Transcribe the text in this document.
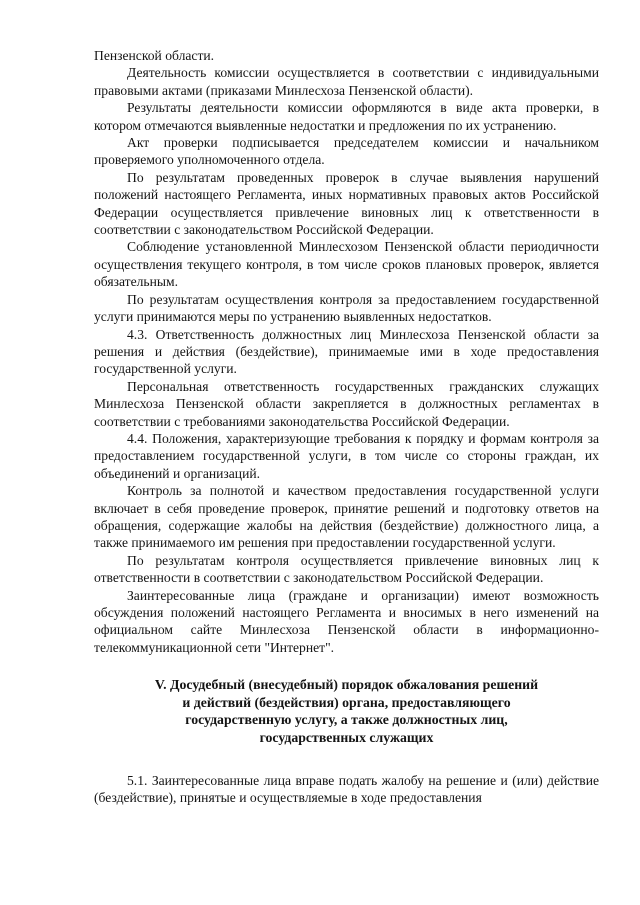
Пензенской области.

Деятельность комиссии осуществляется в соответствии с индивидуальными правовыми актами (приказами Минлесхоза Пензенской области).

Результаты деятельности комиссии оформляются в виде акта проверки, в котором отмечаются выявленные недостатки и предложения по их устранению.

Акт проверки подписывается председателем комиссии и начальником проверяемого уполномоченного отдела.

По результатам проведенных проверок в случае выявления нарушений положений настоящего Регламента, иных нормативных правовых актов Российской Федерации осуществляется привлечение виновных лиц к ответственности в соответствии с законодательством Российской Федерации.

Соблюдение установленной Минлесхозом Пензенской области периодичности осуществления текущего контроля, в том числе сроков плановых проверок, является обязательным.

По результатам осуществления контроля за предоставлением государственной услуги принимаются меры по устранению выявленных недостатков.

4.3. Ответственность должностных лиц Минлесхоза Пензенской области за решения и действия (бездействие), принимаемые ими в ходе предоставления государственной услуги.

Персональная ответственность государственных гражданских служащих Минлесхоза Пензенской области закрепляется в должностных регламентах в соответствии с требованиями законодательства Российской Федерации.

4.4. Положения, характеризующие требования к порядку и формам контроля за предоставлением государственной услуги, в том числе со стороны граждан, их объединений и организаций.

Контроль за полнотой и качеством предоставления государственной услуги включает в себя проведение проверок, принятие решений и подготовку ответов на обращения, содержащие жалобы на действия (бездействие) должностного лица, а также принимаемого им решения при предоставлении государственной услуги.

По результатам контроля осуществляется привлечение виновных лиц к ответственности в соответствии с законодательством Российской Федерации.

Заинтересованные лица (граждане и организации) имеют возможность обсуждения положений настоящего Регламента и вносимых в него изменений на официальном сайте Минлесхоза Пензенской области в информационно-телекоммуникационной сети "Интернет".

V. Досудебный (внесудебный) порядок обжалования решений
и действий (бездействия) органа, предоставляющего
государственную услугу, а также должностных лиц,
государственных служащих

5.1. Заинтересованные лица вправе подать жалобу на решение и (или) действие (бездействие), принятые и осуществляемые в ходе предоставления
